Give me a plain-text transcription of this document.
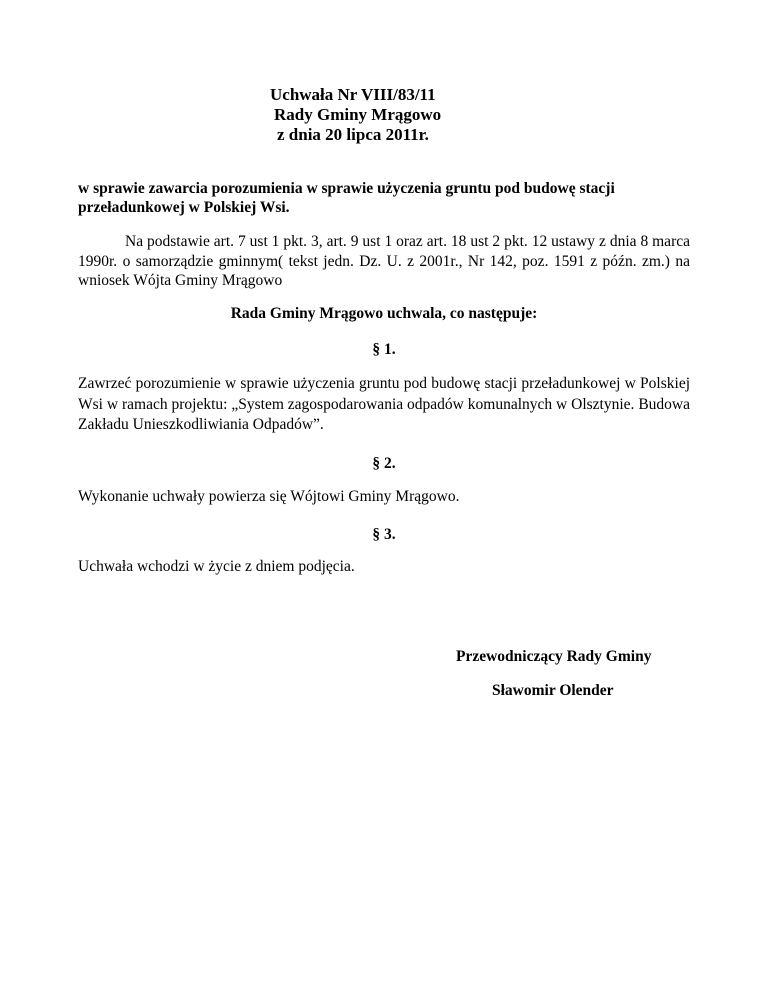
Uchwała Nr VIII/83/11
Rady Gminy Mrągowo
z dnia 20 lipca 2011r.
w sprawie zawarcia porozumienia w sprawie użyczenia gruntu pod budowę stacji przeładunkowej w Polskiej Wsi.
Na podstawie art. 7 ust 1 pkt. 3, art. 9 ust 1 oraz art. 18 ust 2 pkt. 12 ustawy z dnia 8 marca 1990r. o samorządzie gminnym( tekst jedn. Dz. U. z 2001r., Nr 142, poz. 1591 z późn. zm.) na wniosek Wójta Gminy Mrągowo
Rada Gminy Mrągowo uchwala, co następuje:
§ 1.
Zawrzeć porozumienie w sprawie użyczenia gruntu pod budowę stacji przeładunkowej w Polskiej Wsi w ramach projektu: „System zagospodarowania odpadów komunalnych w Olsztynie. Budowa Zakładu Unieszkodliwiania Odpadów”.
§ 2.
Wykonanie uchwały powierza się Wójtowi Gminy Mrągowo.
§ 3.
Uchwała wchodzi w życie z dniem podjęcia.
Przewodniczący Rady Gminy
Sławomir Olender
